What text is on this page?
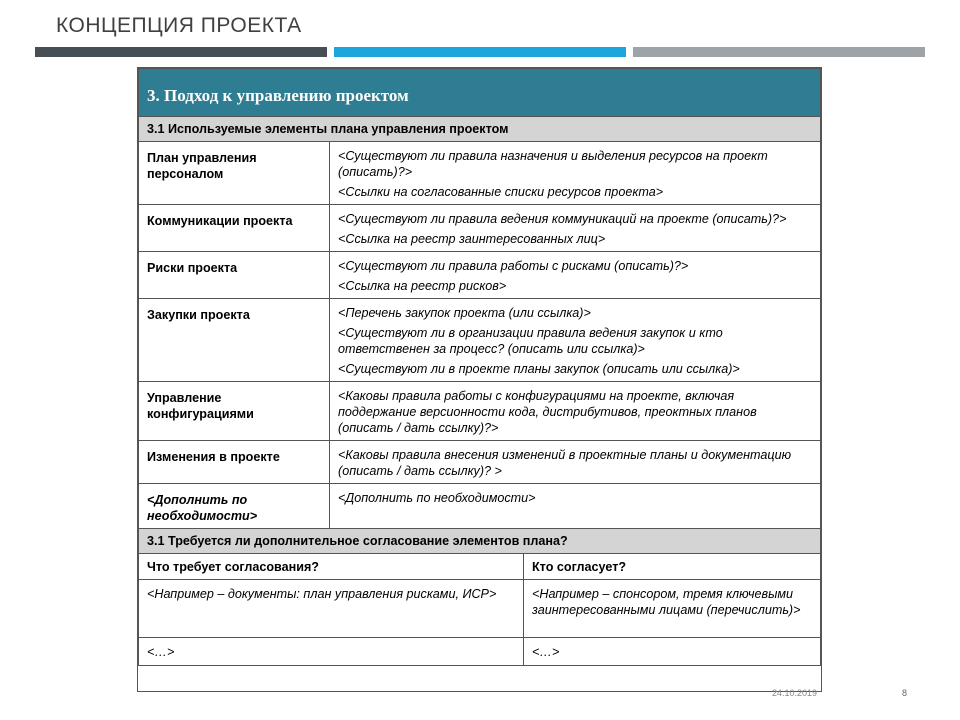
КОНЦЕПЦИЯ ПРОЕКТА
3. Подход к управлению проектом		
3.1 Используемые элементы плана управления проектом		
План управления персоналом	<Существуют ли правила назначения и выделения ресурсов на проект (описать)?>

<Ссылки на согласованные списки ресурсов проекта>	

Коммуникации проекта	<Существуют ли правила ведения коммуникаций на проекте (описать)?>

<Ссылка на реестр заинтересованных лиц>	

Риски проекта	<Существуют ли правила работы с рисками (описать)?>

<Ссылка на реестр рисков>	

Закупки проекта	<Перечень закупок проекта (или ссылка)>

<Существуют ли в организации правила ведения закупок и кто ответственен за процесс? (описать или ссылка)>

<Существуют ли в проекте планы закупок (описать или ссылка)>	

Управление конфигурациями	<Каковы правила работы с конфигурациями на проекте, включая поддержание версионности кода, дистрибутивов, преоктных планов (описать / дать ссылку)?>	

Изменения в проекте	<Каковы правила внесения изменений в проектные планы и документацию (описать / дать ссылку)? >	

<Дополнить по необходимости>	<Дополнить по необходимости>	

3.1 Требуется ли дополнительное согласование элементов плана?		
Что требует согласования?		Кто согласует?
<Например – документы: план управления рисками, ИСР>		<Например – спонсором, тремя ключевыми заинтересованными лицами (перечислить)>
<…>		<…>
24.10.2019	8
